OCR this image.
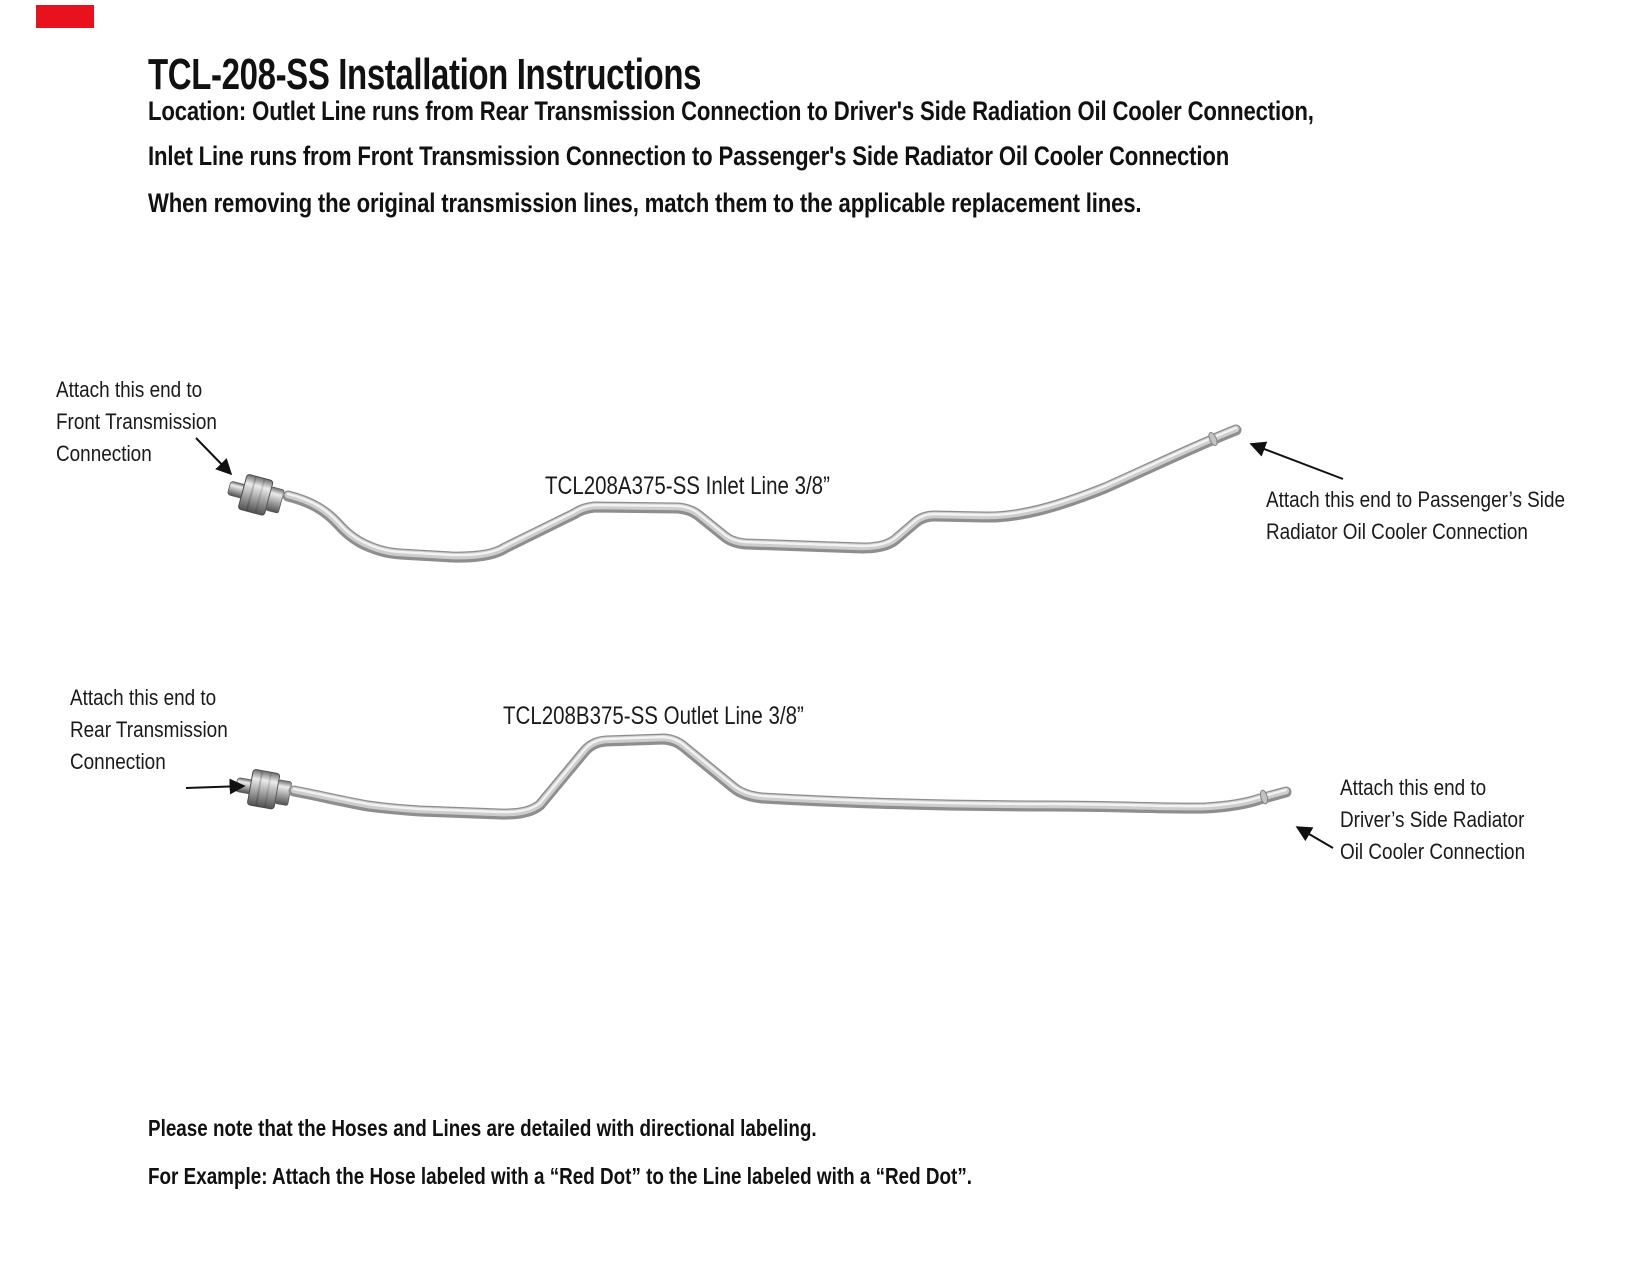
TCL-208-SS Installation Instructions
Location: Outlet Line runs from Rear Transmission Connection to Driver's Side Radiation Oil Cooler Connection,
Inlet Line runs from Front Transmission Connection to Passenger's Side Radiator Oil Cooler Connection
When removing the original transmission lines, match them to the applicable replacement lines.
TCL208A375-SS Inlet Line 3/8”
Attach this end to
Front Transmission
Connection
Attach this end to Passenger’s Side
Radiator Oil Cooler Connection
TCL208B375-SS Outlet Line 3/8”
Attach this end to
Rear Transmission
Connection
Attach this end to
Driver’s Side Radiator
Oil Cooler Connection
Please note that the Hoses and Lines are detailed with directional labeling.
For Example: Attach the Hose labeled with a “Red Dot” to the Line labeled with a “Red Dot”.
